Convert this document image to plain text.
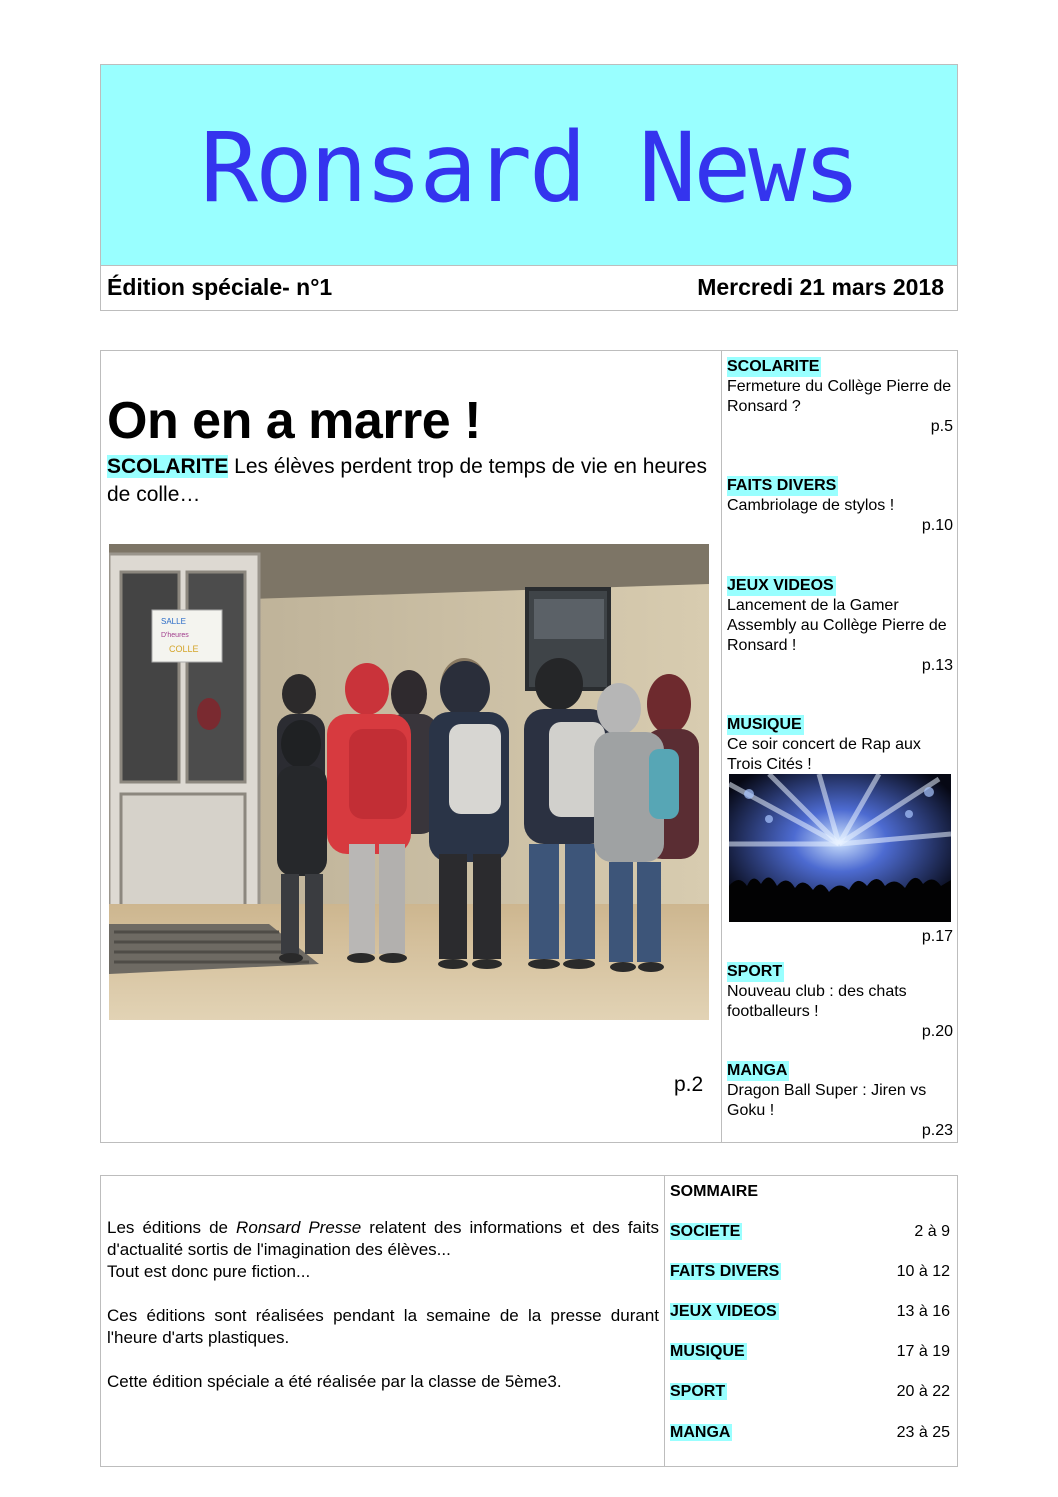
Ronsard News
Édition spéciale- n°1	Mercredi 21 mars 2018
On en a marre !
SCOLARITE Les élèves perdent trop de temps de vie en heures de colle…
SALLE
D'heures
COLLE
p.2
SCOLARITE
Fermeture du Collège Pierre de Ronsard ?
p.5
FAITS DIVERS
Cambriolage de stylos !
p.10
JEUX VIDEOS
Lancement de la Gamer Assembly au Collège Pierre de Ronsard !
p.13
MUSIQUE
Ce soir concert de Rap aux Trois Cités !
p.17
SPORT
Nouveau club : des chats footballeurs !
p.20
MANGA
Dragon Ball Super : Jiren vs Goku !
p.23

Les éditions de Ronsard Presse relatent des informations et des faits d'actualité sortis de l'imagination des élèves...

Tout est donc pure fiction...

Ces éditions sont réalisées pendant la semaine de la presse durant l'heure d'arts plastiques.

Cette édition spéciale a été réalisée par la classe de 5ème3.

SOMMAIRE
SOCIETE	2 à 9
FAITS DIVERS	10 à 12
JEUX VIDEOS	13 à 16
MUSIQUE	17 à 19
SPORT	20 à 22
MANGA	23 à 25
